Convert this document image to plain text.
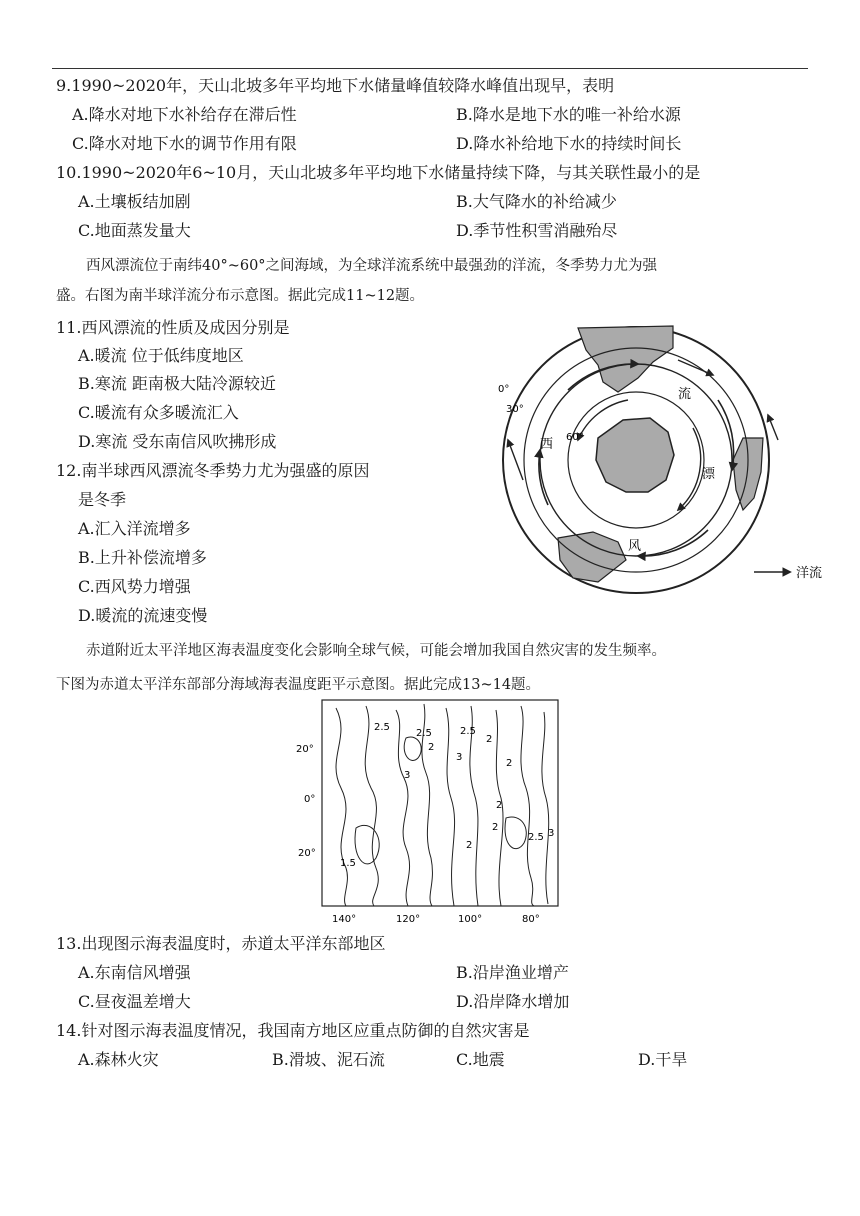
9.1990~2020年，天山北坡多年平均地下水储量峰值较降水峰值出现早，表明
A.降水对地下水补给存在滞后性	B.降水是地下水的唯一补给水源
C.降水对地下水的调节作用有限	D.降水补给地下水的持续时间长
10.1990~2020年6~10月，天山北坡多年平均地下水储量持续下降，与其关联性最小的是
A.土壤板结加剧	B.大气降水的补给减少
C.地面蒸发量大	D.季节性积雪消融殆尽
西风漂流位于南纬40°~60°之间海域，为全球洋流系统中最强劲的洋流，冬季势力尤为强
盛。右图为南半球洋流分布示意图。据此完成11~12题。
11.西风漂流的性质及成因分别是
A.暖流 位于低纬度地区
B.寒流 距南极大陆冷源较近
C.暖流有众多暖流汇入
D.寒流 受东南信风吹拂形成
12.南半球西风漂流冬季势力尤为强盛的原因
是冬季
A.汇入洋流增多
B.上升补偿流增多
C.西风势力增强
D.暖流的流速变慢
0°
30°
60°
流
西
漂
风
洋流
赤道附近太平洋地区海表温度变化会影响全球气候，可能会增加我国自然灾害的发生频率。
下图为赤道太平洋东部部分海域海表温度距平示意图。据此完成13~14题。
20°
0°
20°
140°	120°	100°	80°
2.5
2.5
2
2.5
2
2
3
3
2
2
2.5 3
1.5
2
13.出现图示海表温度时，赤道太平洋东部地区
A.东南信风增强	B.沿岸渔业增产
C.昼夜温差增大	D.沿岸降水增加
14.针对图示海表温度情况，我国南方地区应重点防御的自然灾害是
A.森林火灾	B.滑坡、泥石流	C.地震	D.干旱
